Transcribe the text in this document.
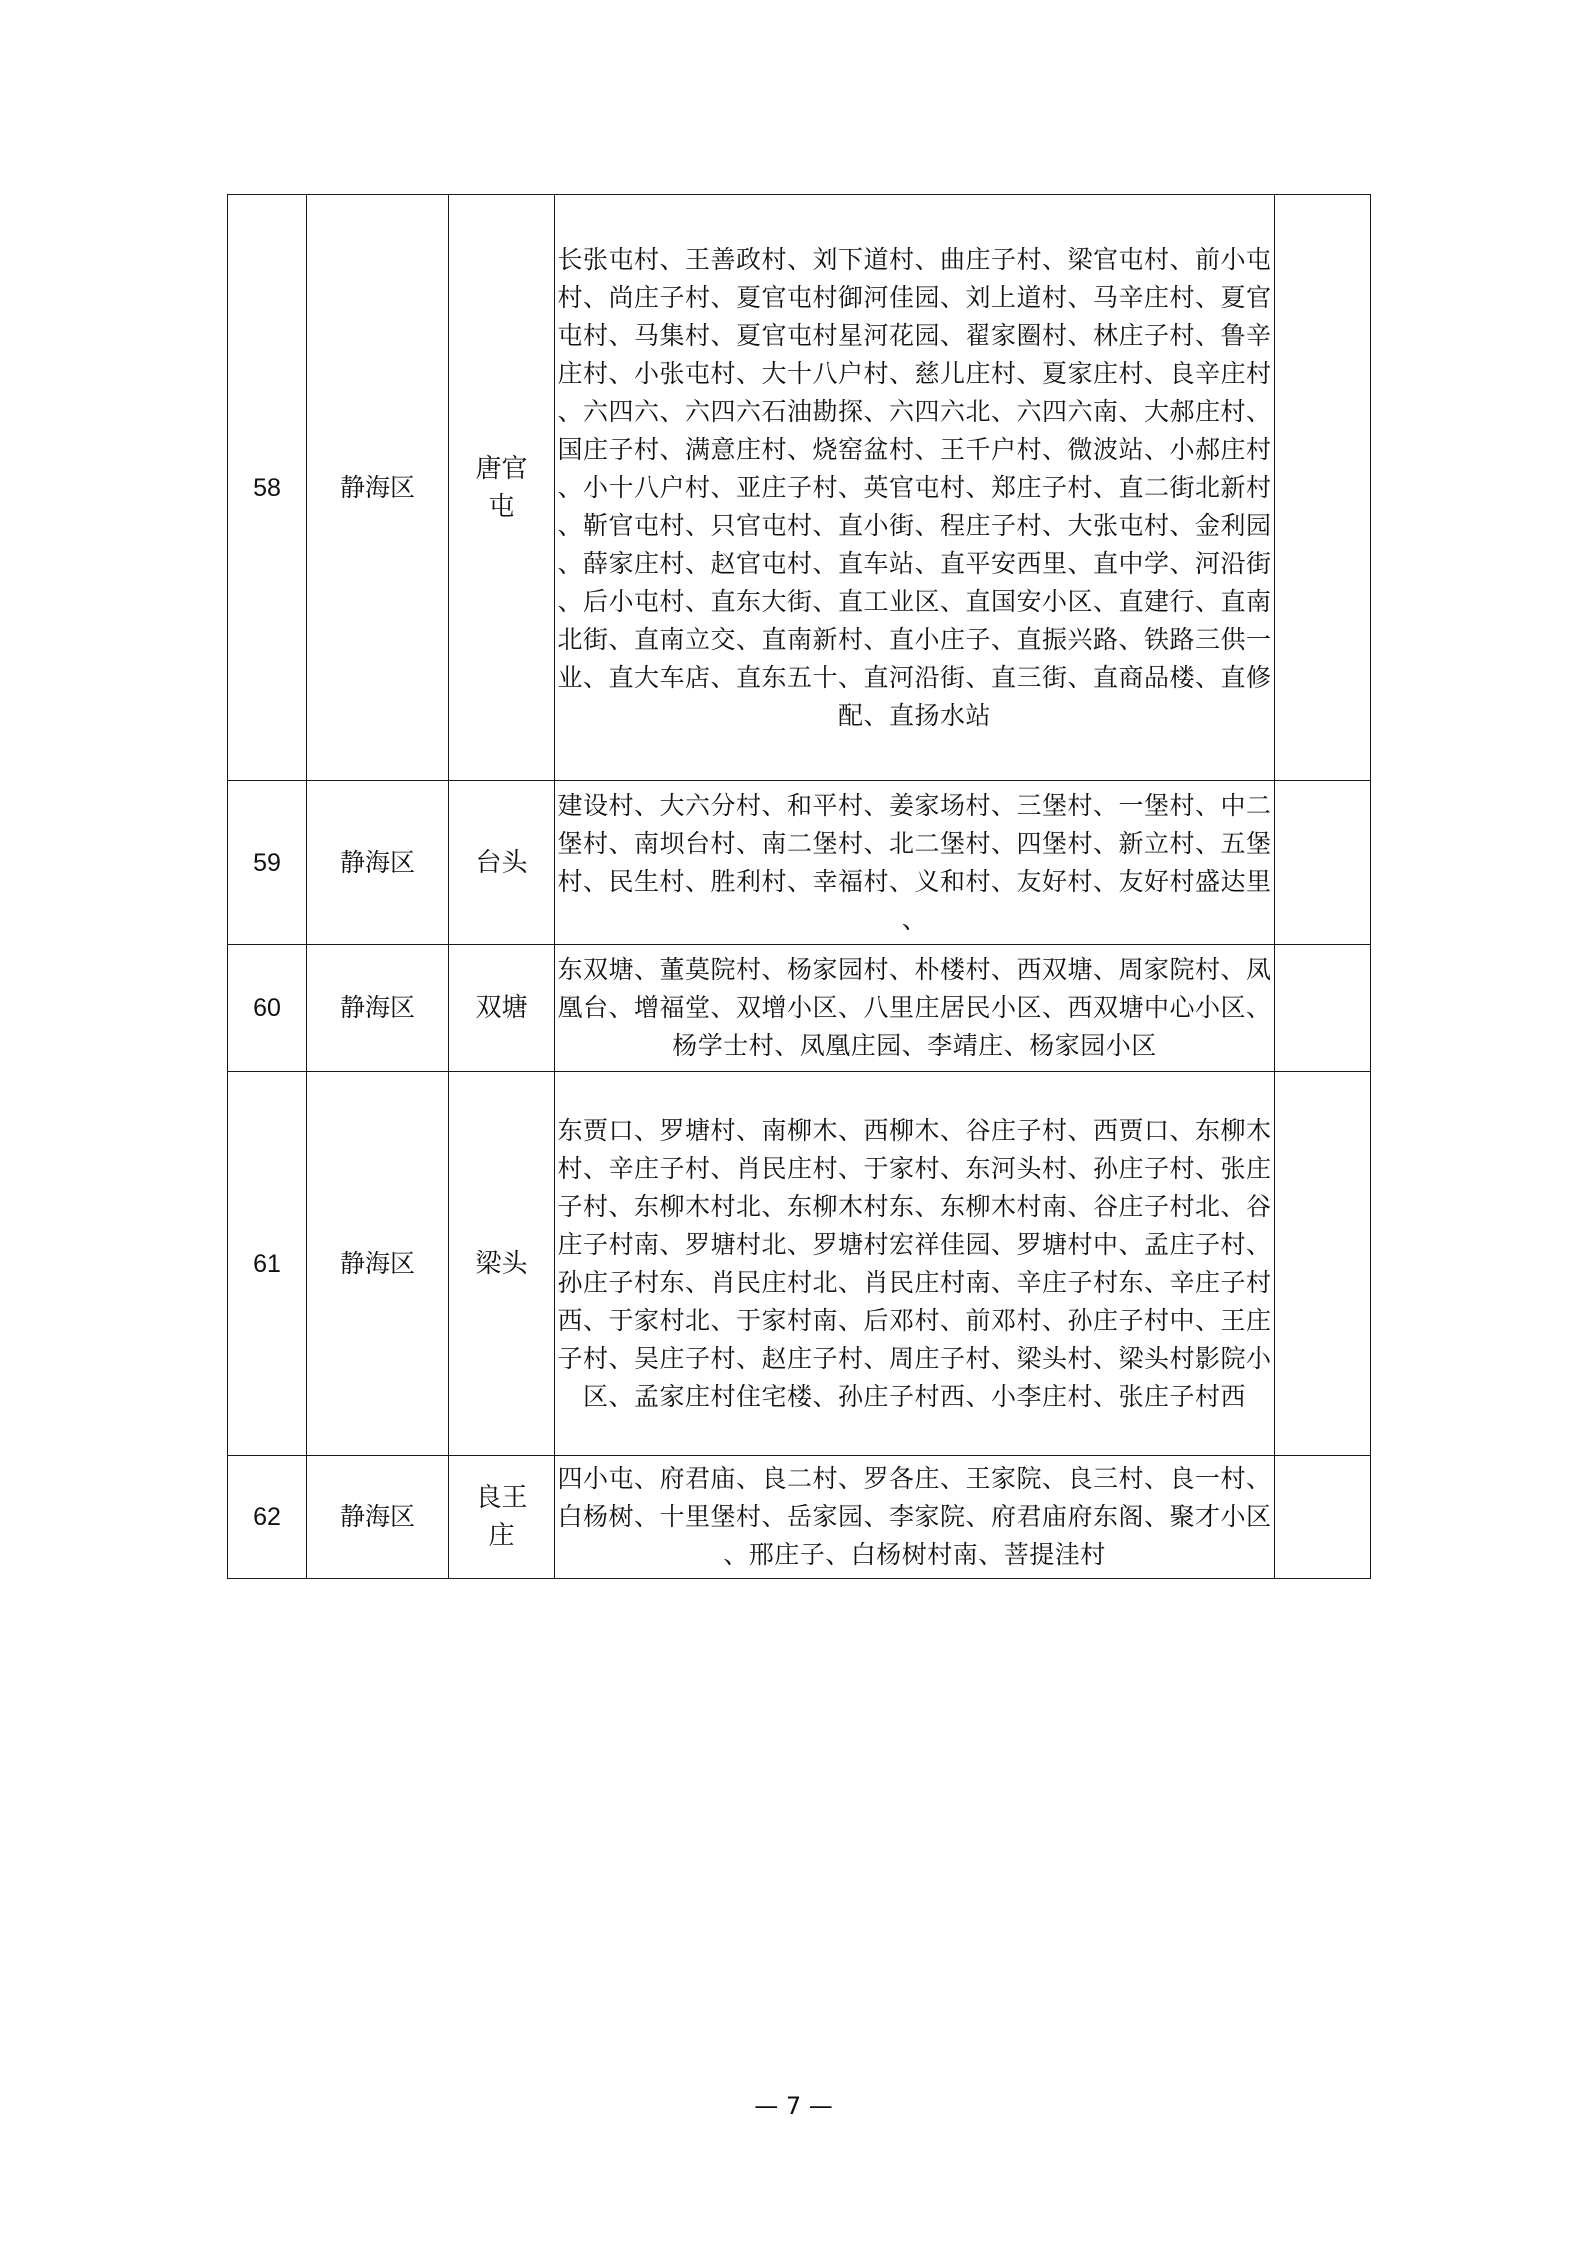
58	静海区	唐官屯	长张屯村、王善政村、刘下道村、曲庄子村、梁官屯村、前小屯村、尚庄子村、夏官屯村御河佳园、刘上道村、马辛庄村、夏官屯村、马集村、夏官屯村星河花园、翟家圈村、林庄子村、鲁辛庄村、小张屯村、大十八户村、慈儿庄村、夏家庄村、良辛庄村、六四六、六四六石油勘探、六四六北、六四六南、大郝庄村、国庄子村、满意庄村、烧窑盆村、王千户村、微波站、小郝庄村、小十八户村、亚庄子村、英官屯村、郑庄子村、直二街北新村、靳官屯村、只官屯村、直小街、程庄子村、大张屯村、金利园、薛家庄村、赵官屯村、直车站、直平安西里、直中学、河沿街、后小屯村、直东大街、直工业区、直国安小区、直建行、直南北街、直南立交、直南新村、直小庄子、直振兴路、铁路三供一业、直大车店、直东五十、直河沿街、直三街、直商品楼、直修配、直扬水站	
59	静海区	台头	建设村、大六分村、和平村、姜家场村、三堡村、一堡村、中二堡村、南坝台村、南二堡村、北二堡村、四堡村、新立村、五堡村、民生村、胜利村、幸福村、义和村、友好村、友好村盛达里、	
60	静海区	双塘	东双塘、董莫院村、杨家园村、朴楼村、西双塘、周家院村、凤凰台、增福堂、双增小区、八里庄居民小区、西双塘中心小区、杨学士村、凤凰庄园、李靖庄、杨家园小区	
61	静海区	梁头	东贾口、罗塘村、南柳木、西柳木、谷庄子村、西贾口、东柳木村、辛庄子村、肖民庄村、于家村、东河头村、孙庄子村、张庄子村、东柳木村北、东柳木村东、东柳木村南、谷庄子村北、谷庄子村南、罗塘村北、罗塘村宏祥佳园、罗塘村中、孟庄子村、孙庄子村东、肖民庄村北、肖民庄村南、辛庄子村东、辛庄子村西、于家村北、于家村南、后邓村、前邓村、孙庄子村中、王庄子村、吴庄子村、赵庄子村、周庄子村、梁头村、梁头村影院小区、孟家庄村住宅楼、孙庄子村西、小李庄村、张庄子村西	
62	静海区	良王庄	四小屯、府君庙、良二村、罗各庄、王家院、良三村、良一村、白杨树、十里堡村、岳家园、李家院、府君庙府东阁、聚才小区、邢庄子、白杨树村南、菩提洼村	
— 7 —
